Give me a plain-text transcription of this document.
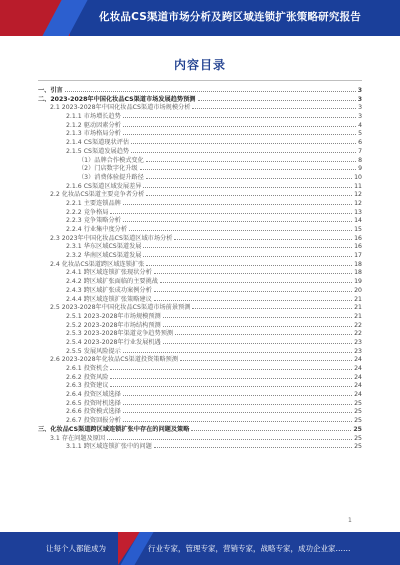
化妆品CS渠道市场分析及跨区域连锁扩张策略研究报告
内容目录
一、引言	3
二、2023-2028年中国化妆品CS渠道市场发展趋势预测	3
2.1 2023-2028年中国化妆品CS渠道市场规模分析	3
2.1.1 市场增长趋势	3
2.1.2 驱动因素分析	4
2.1.3 市场格局分析	5
2.1.4 CS渠道现状评估	6
2.1.5 CS渠道发展趋势	7
（1）品牌合作模式变化	8
（2）门店数字化升级	9
（3）消费体验提升路径	10
2.1.6 CS渠道区域发展差异	11
2.2 化妆品CS渠道主要竞争者分析	12
2.2.1 主要连锁品牌	12
2.2.2 竞争格局	13
2.2.3 竞争策略分析	14
2.2.4 行业集中度分析	15
2.3 2023年中国化妆品CS渠道区域市场分析	16
2.3.1 华东区域CS渠道发展	16
2.3.2 华南区域CS渠道发展	17
2.4 化妆品CS渠道跨区域连锁扩张	18
2.4.1 跨区域连锁扩张现状分析	18
2.4.2 跨区域扩张面临的主要挑战	19
2.4.3 跨区域扩张成功案例分析	20
2.4.4 跨区域连锁扩张策略建议	21
2.5 2023-2028年中国化妆品CS渠道市场前景预测	21
2.5.1 2023-2028年市场规模预测	21
2.5.2 2023-2028年市场结构预测	22
2.5.3 2023-2028年渠道竞争趋势预测	22
2.5.4 2023-2028年行业发展机遇	23
2.5.5 发展风险提示	23
2.6 2023-2028年化妆品CS渠道投资策略预测	24
2.6.1 投资机会	24
2.6.2 投资风险	24
2.6.3 投资建议	24
2.6.4 投资区域选择	24
2.6.5 投资时机选择	25
2.6.6 投资模式选择	25
2.6.7 投资回报分析	25
三、化妆品CS渠道跨区域连锁扩张中存在的问题及策略	25
3.1 存在问题及原因	25
3.1.1 跨区域连锁扩张中的问题	25
1
让每个人都能成为	行业专家，管理专家，营销专家，战略专家，成功企业家……
